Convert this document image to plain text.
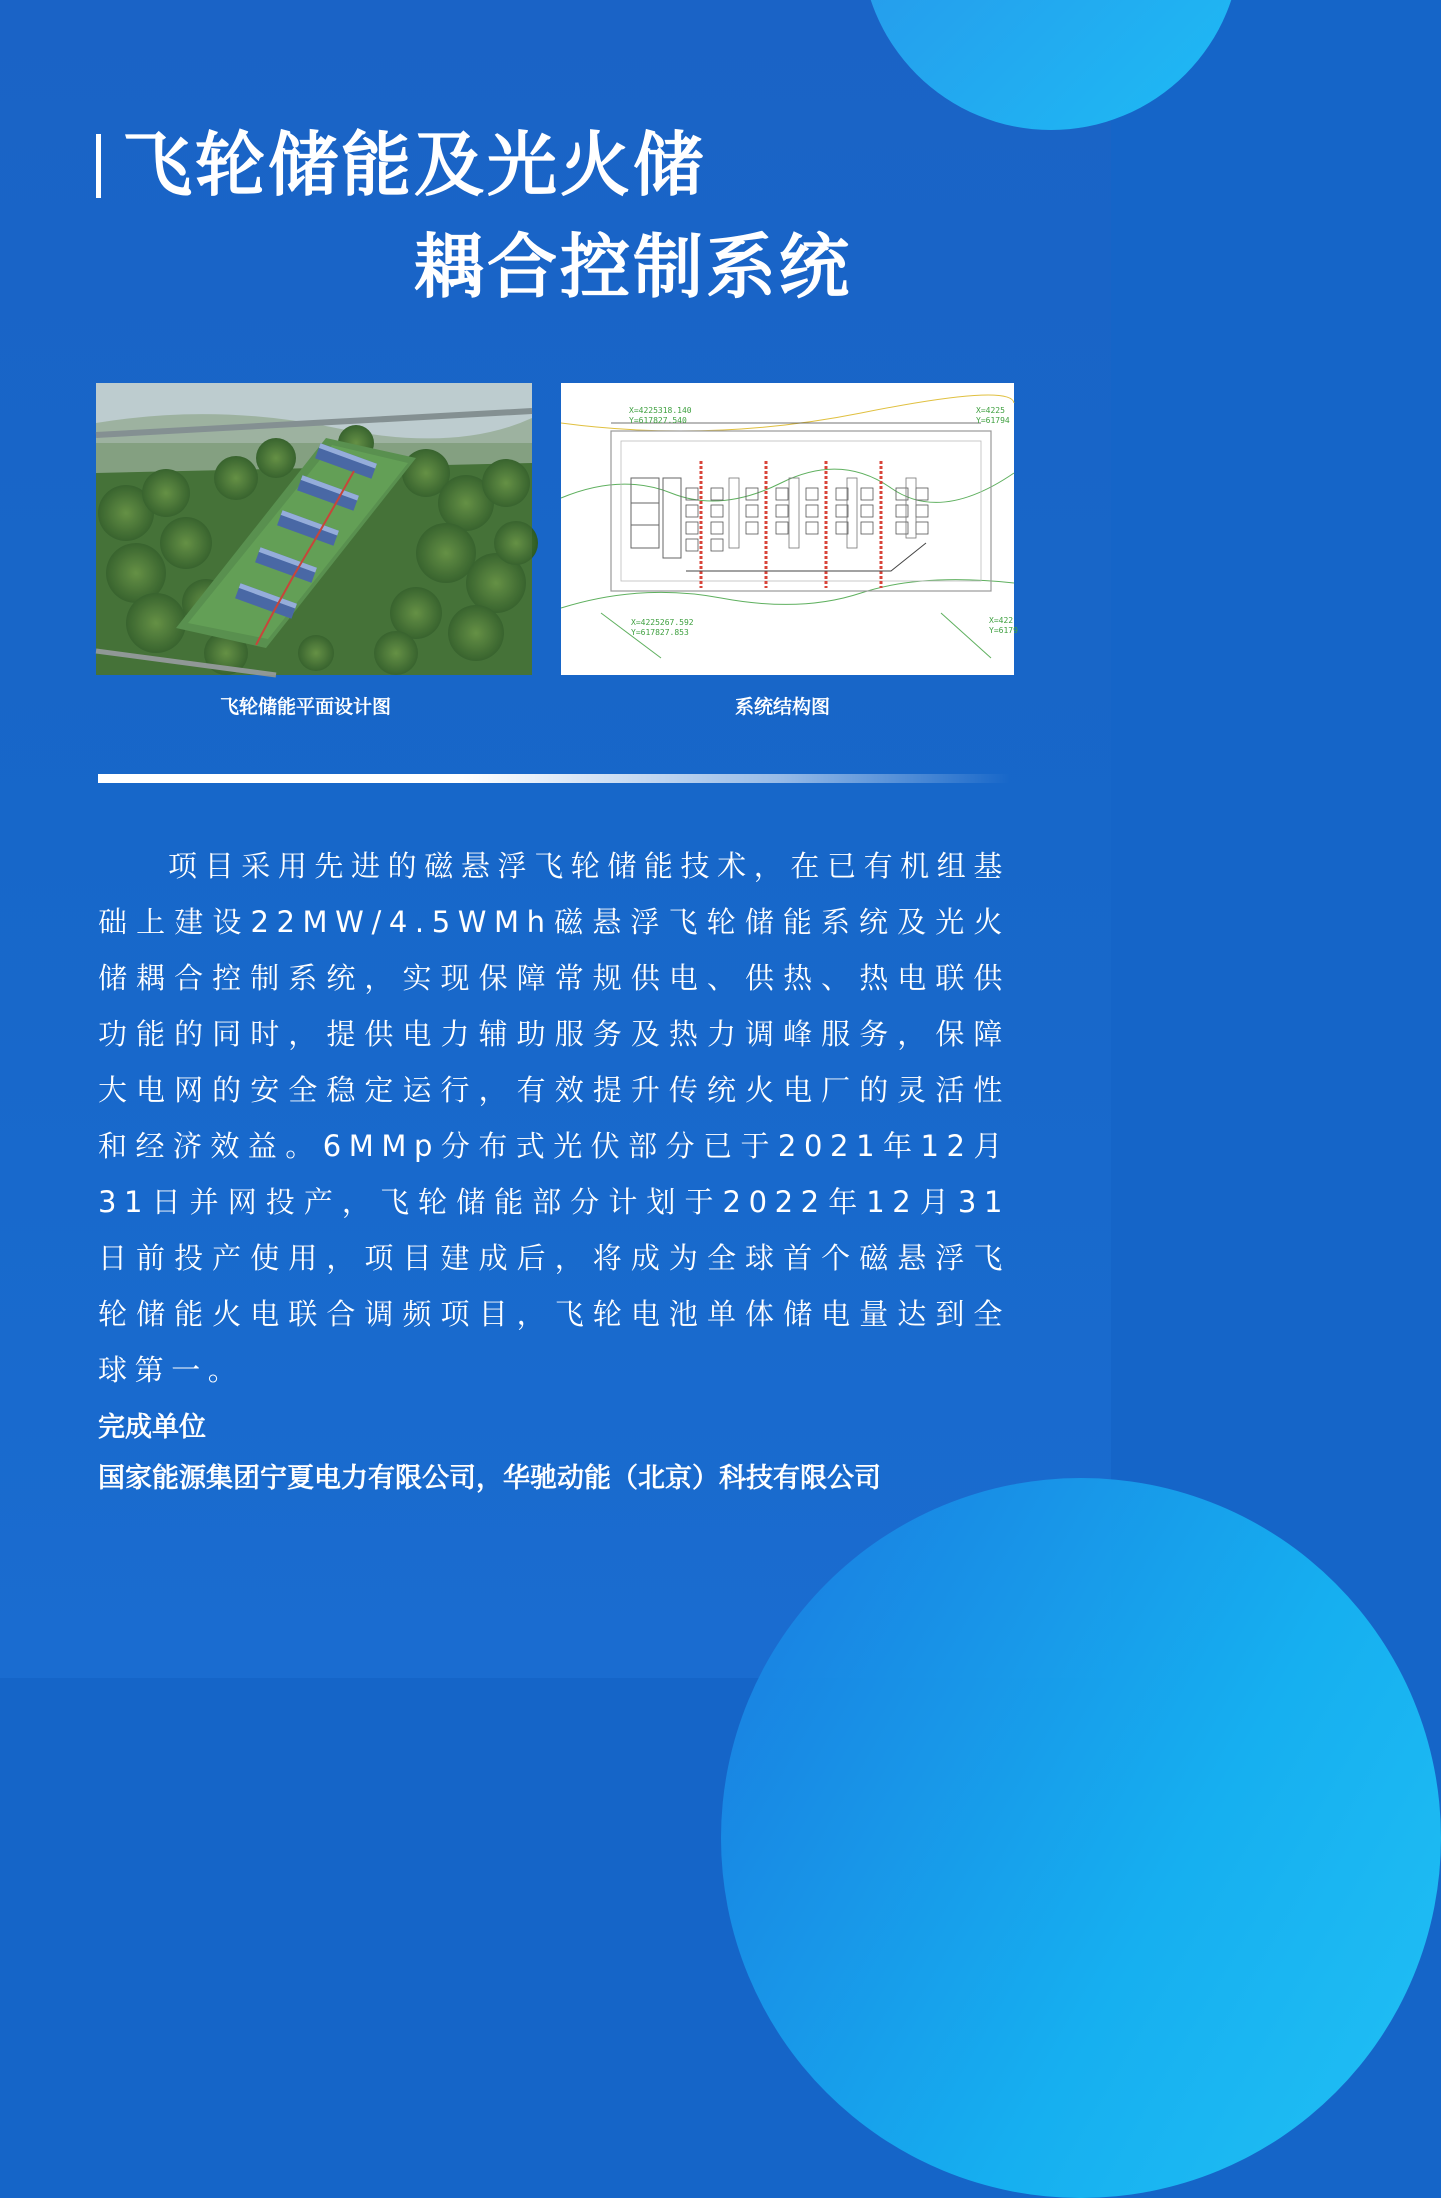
飞轮储能及光火储
耦合控制系统
X=4225318.140
Y=617827.540
X=4225267.592
Y=617827.853
X=4225
Y=61794
X=422
Y=6179
飞轮储能平面设计图	系统结构图

项目采用先进的磁悬浮飞轮储能技术，在已有机组基础上建设22MW/4.5WMh磁悬浮飞轮储能系统及光火储耦合控制系统，实现保障常规供电、供热、热电联供功能的同时，提供电力辅助服务及热力调峰服务，保障大电网的安全稳定运行，有效提升传统火电厂的灵活性和经济效益。6MMp分布式光伏部分已于2021年12月31日并网投产，飞轮储能部分计划于2022年12月31日前投产使用，项目建成后，将成为全球首个磁悬浮飞轮储能火电联合调频项目，飞轮电池单体储电量达到全球第一。

完成单位
国家能源集团宁夏电力有限公司，华驰动能（北京）科技有限公司
